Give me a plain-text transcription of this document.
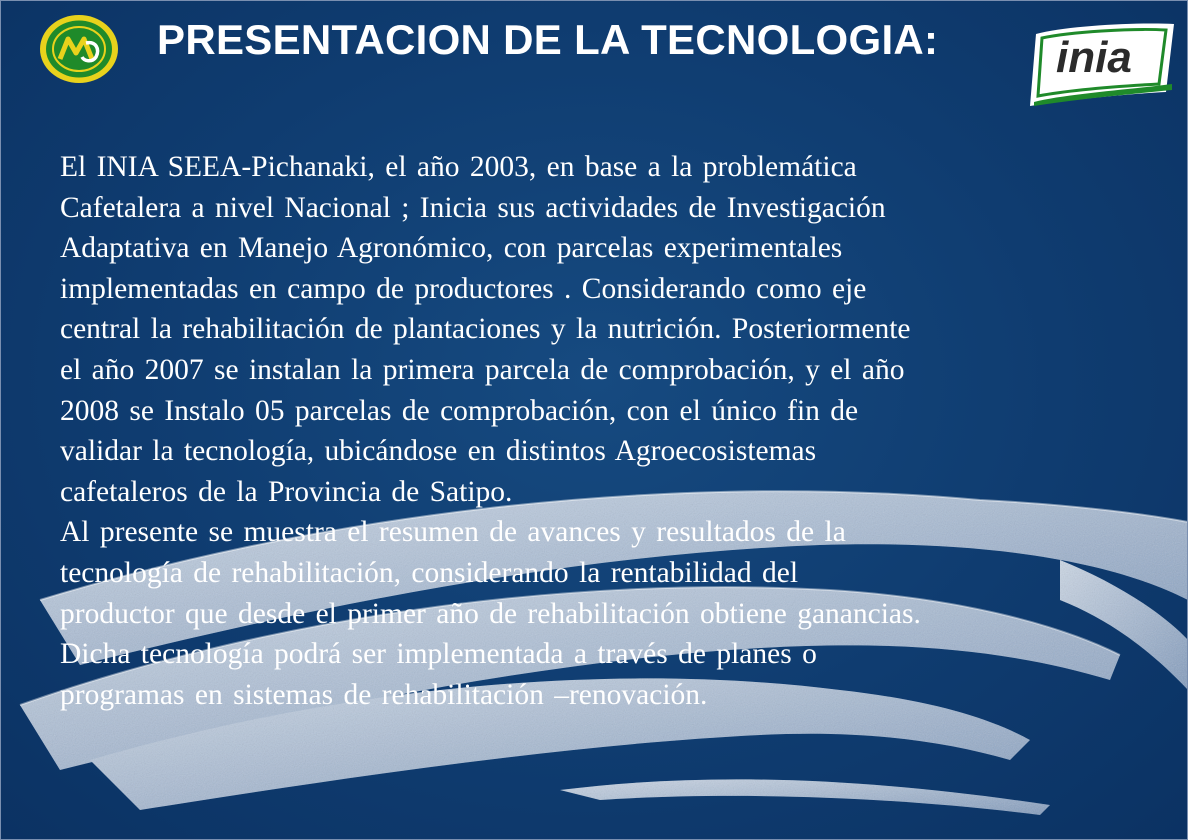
PRESENTACION DE LA TECNOLOGIA:	inia

El INIA SEEA-Pichanaki, el año 2003, en base a la problemática
Cafetalera a nivel Nacional ; Inicia sus actividades de Investigación
Adaptativa en Manejo Agronómico, con parcelas experimentales
implementadas en campo de productores . Considerando como eje
central la rehabilitación de plantaciones y la nutrición. Posteriormente
el año 2007 se instalan la primera parcela de comprobación, y el año
2008 se Instalo 05 parcelas de comprobación, con el único fin de
validar la tecnología, ubicándose en distintos Agroecosistemas
cafetaleros de la Provincia de Satipo.

Al presente se muestra el resumen de avances y resultados de la
tecnología de rehabilitación, considerando la rentabilidad del
productor que desde el primer año de rehabilitación obtiene ganancias.
Dicha tecnología podrá ser implementada a través de planes o
programas en sistemas de rehabilitación –renovación.
